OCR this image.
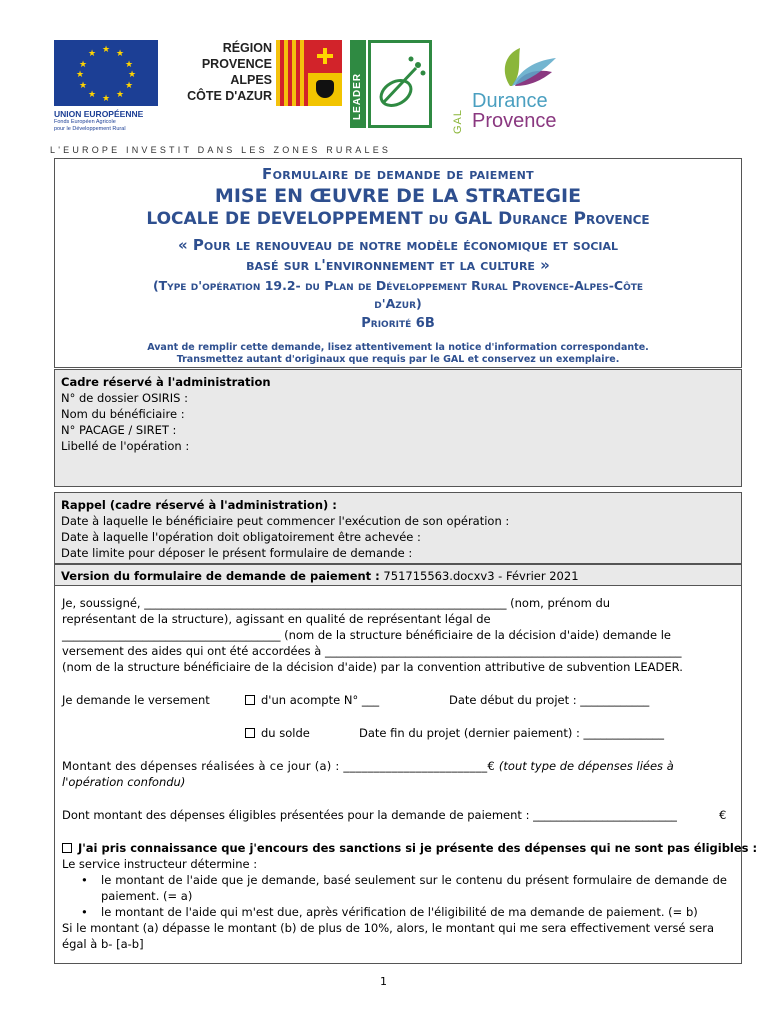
★ ★
★
★
★
★
★
★
★
★
★
★
UNION EUROPÉENNE
Fonds Européen Agricole
pour le Développement Rural
RÉGION
PROVENCE
ALPES
CÔTE D'AZUR	LEADER
GAL
Durance
Provence
L'EUROPE INVESTIT DANS LES ZONES RURALES
Formulaire de demande de paiement
MISE EN ŒUVRE DE LA STRATEGIE
LOCALE DE DEVELOPPEMENT du GAL Durance Provence
« Pour le renouveau de notre modèle économique et social
basé sur l'environnement et la culture »
(Type d'opération 19.2- du Plan de Développement Rural Provence-Alpes-Côte
d'Azur)
Priorité 6B
Avant de remplir cette demande, lisez attentivement la notice d'information correspondante.
Transmettez autant d'originaux que requis par le GAL et conservez un exemplaire.
Cadre réservé à l'administration
N° de dossier OSIRIS :
Nom du bénéficiaire :
N° PACAGE / SIRET :
Libellé de l'opération :
Rappel (cadre réservé à l'administration) :
Date à laquelle le bénéficiaire peut commencer l'exécution de son opération :
Date à laquelle l'opération doit obligatoirement être achevée :
Date limite pour déposer le présent formulaire de demande :
Version du formulaire de demande de paiement : 751715563.docxv3 - Février 2021
Je, soussigné, _______________________________________________________________ (nom, prénom du
représentant de la structure), agissant en qualité de représentant légal de
______________________________________ (nom de la structure bénéficiaire de la décision d'aide) demande le
versement des aides qui ont été accordées à ______________________________________________________________
(nom de la structure bénéficiaire de la décision d'aide) par la convention attributive de subvention LEADER.
Je demande le versement	d'un acompte N° ___	Date début du projet : ____________
du solde	Date fin du projet (dernier paiement) : ______________
Montant des dépenses réalisées à ce jour (a) : ________________________€ (tout type de dépenses liées à
l'opération confondu)
Dont montant des dépenses éligibles présentées pour la demande de paiement : _________________________	€
J'ai pris connaissance que j'encours des sanctions si je présente des dépenses qui ne sont pas éligibles :
Le service instructeur détermine :
• le montant de l'aide que je demande, basé seulement sur le contenu du présent formulaire de demande de paiement. (= a)
• le montant de l'aide qui m'est due, après vérification de l'éligibilité de ma demande de paiement. (= b)
Si le montant (a) dépasse le montant (b) de plus de 10%, alors, le montant qui me sera effectivement versé sera
égal à b- [a-b]
1
